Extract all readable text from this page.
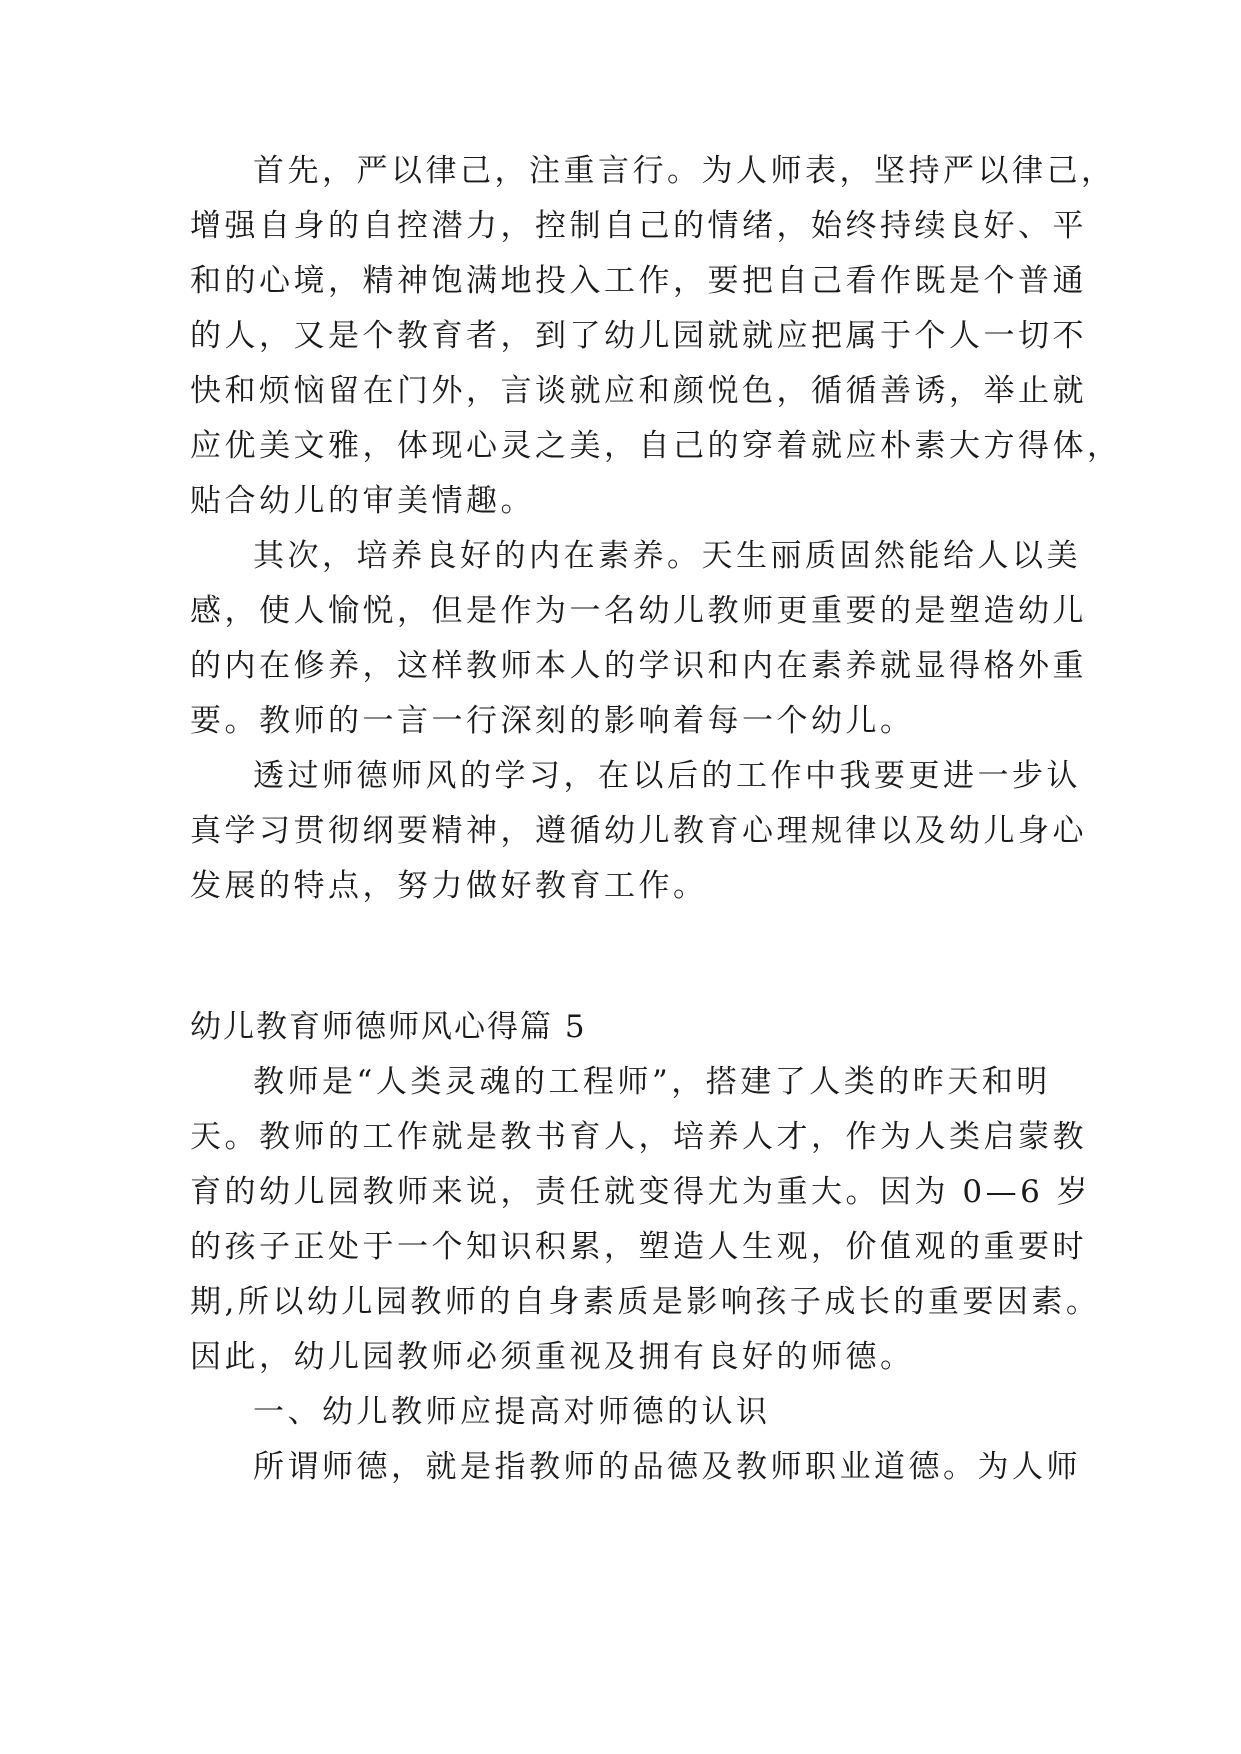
首先，严以律己，注重言行。为人师表，坚持严以律己，
增强自身的自控潜力，控制自己的情绪，始终持续良好、平
和的心境，精神饱满地投入工作，要把自己看作既是个普通
的人，又是个教育者，到了幼儿园就就应把属于个人一切不
快和烦恼留在门外，言谈就应和颜悦色，循循善诱，举止就
应优美文雅，体现心灵之美，自己的穿着就应朴素大方得体，
贴合幼儿的审美情趣。
其次，培养良好的内在素养。天生丽质固然能给人以美
感，使人愉悦，但是作为一名幼儿教师更重要的是塑造幼儿
的内在修养，这样教师本人的学识和内在素养就显得格外重
要。教师的一言一行深刻的影响着每一个幼儿。
透过师德师风的学习，在以后的工作中我要更进一步认
真学习贯彻纲要精神，遵循幼儿教育心理规律以及幼儿身心
发展的特点，努力做好教育工作。
幼儿教育师德师风心得篇 5
教师是“人类灵魂的工程师”，搭建了人类的昨天和明
天。教师的工作就是教书育人，培养人才，作为人类启蒙教
育的幼儿园教师来说，责任就变得尤为重大。因为 0—6 岁
的孩子正处于一个知识积累，塑造人生观，价值观的重要时
期,所以幼儿园教师的自身素质是影响孩子成长的重要因素。
因此，幼儿园教师必须重视及拥有良好的师德。
一、幼儿教师应提高对师德的认识
所谓师德，就是指教师的品德及教师职业道德。为人师
